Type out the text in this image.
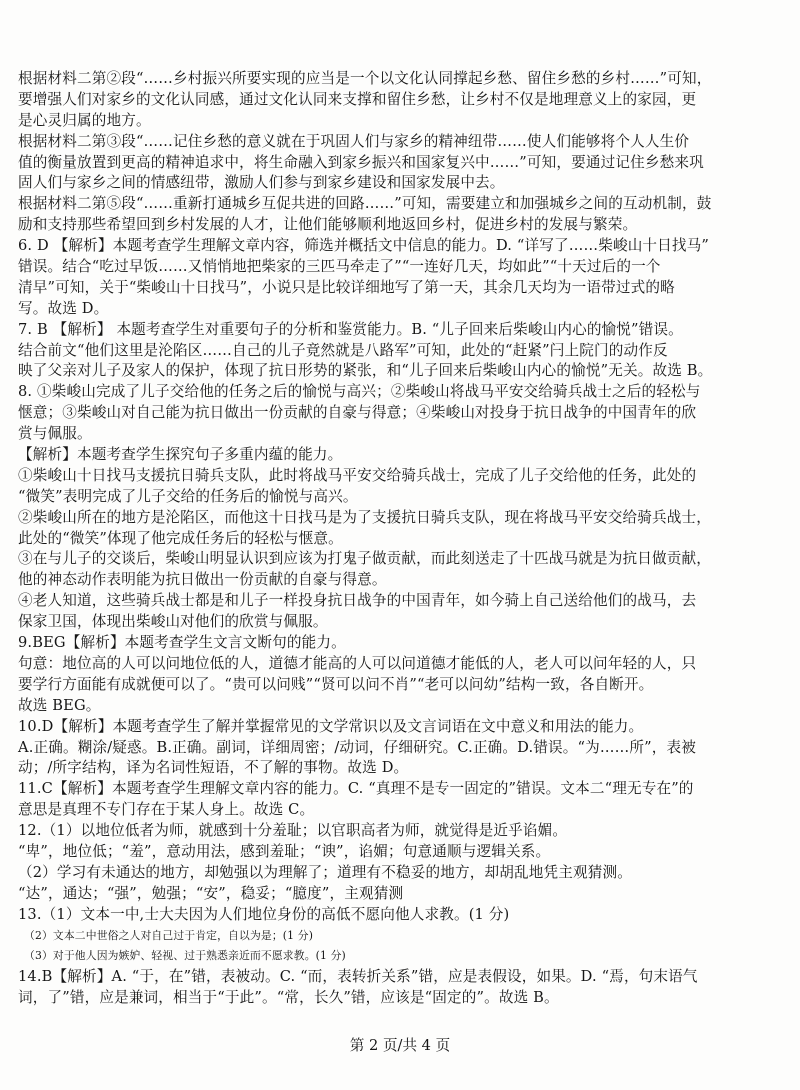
根据材料二第②段“……乡村振兴所要实现的应当是一个以文化认同撑起乡愁、留住乡愁的乡村……”可知，
要增强人们对家乡的文化认同感，通过文化认同来支撑和留住乡愁，让乡村不仅是地理意义上的家园，更
是心灵归属的地方。
根据材料二第③段“……记住乡愁的意义就在于巩固人们与家乡的精神纽带……使人们能够将个人人生价
值的衡量放置到更高的精神追求中，将生命融入到家乡振兴和国家复兴中……”可知，要通过记住乡愁来巩
固人们与家乡之间的情感纽带，激励人们参与到家乡建设和国家发展中去。
根据材料二第⑤段“……重新打通城乡互促共进的回路……”可知，需要建立和加强城乡之间的互动机制，鼓
励和支持那些希望回到乡村发展的人才，让他们能够顺利地返回乡村，促进乡村的发展与繁荣。
6. D 【解析】本题考查学生理解文章内容，筛选并概括文中信息的能力。D. “详写了……柴峻山十日找马”
错误。结合“吃过早饭……又悄悄地把柴家的三匹马牵走了”“一连好几天，均如此”“十天过后的一个
清早”可知，关于“柴峻山十日找马”，小说只是比较详细地写了第一天，其余几天均为一语带过式的略
写。故选 D。
7. B 【解析】 本题考查学生对重要句子的分析和鉴赏能力。B. “儿子回来后柴峻山内心的愉悦”错误。
结合前文“他们这里是沦陷区……自己的儿子竟然就是八路军”可知，此处的“赶紧”闩上院门的动作反
映了父亲对儿子及家人的保护，体现了抗日形势的紧张，和“儿子回来后柴峻山内心的愉悦”无关。故选 B。
8. ①柴峻山完成了儿子交给他的任务之后的愉悦与高兴；②柴峻山将战马平安交给骑兵战士之后的轻松与
惬意；③柴峻山对自己能为抗日做出一份贡献的自豪与得意；④柴峻山对投身于抗日战争的中国青年的欣
赏与佩服。
【解析】本题考查学生探究句子多重内蕴的能力。
①柴峻山十日找马支援抗日骑兵支队，此时将战马平安交给骑兵战士，完成了儿子交给他的任务，此处的
“微笑”表明完成了儿子交给的任务后的愉悦与高兴。
②柴峻山所在的地方是沦陷区，而他这十日找马是为了支援抗日骑兵支队，现在将战马平安交给骑兵战士，
此处的“微笑”体现了他完成任务后的轻松与惬意。
③在与儿子的交谈后，柴峻山明显认识到应该为打鬼子做贡献，而此刻送走了十匹战马就是为抗日做贡献，
他的神态动作表明能为抗日做出一份贡献的自豪与得意。
④老人知道，这些骑兵战士都是和儿子一样投身抗日战争的中国青年，如今骑上自己送给他们的战马，去
保家卫国，体现出柴峻山对他们的欣赏与佩服。
9.BEG【解析】本题考查学生文言文断句的能力。
句意：地位高的人可以问地位低的人，道德才能高的人可以问道德才能低的人，老人可以问年轻的人，只
要学行方面能有成就便可以了。“贵可以问贱”“贤可以问不肖”“老可以问幼”结构一致，各自断开。
故选 BEG。
10.D【解析】本题考查学生了解并掌握常见的文学常识以及文言词语在文中意义和用法的能力。
A.正确。糊涂/疑惑。B.正确。副词，详细周密；/动词，仔细研究。C.正确。D.错误。“为……所”，表被
动；/所字结构，译为名词性短语，不了解的事物。故选 D。
11.C【解析】本题考查学生理解文章内容的能力。C. “真理不是专一固定的”错误。文本二“理无专在”的
意思是真理不专门存在于某人身上。故选 C。
12.（1）以地位低者为师，就感到十分羞耻；以官职高者为师，就觉得是近乎谄媚。
“卑”，地位低；“羞”，意动用法，感到羞耻；“谀”，谄媚；句意通顺与逻辑关系。
（2）学习有未通达的地方，却勉强以为理解了；道理有不稳妥的地方，却胡乱地凭主观猜测。
“达”，通达；“强”，勉强；“安”，稳妥；“臆度”，主观猜测
13.（1）文本一中,士大夫因为人们地位身份的高低不愿向他人求教。(1 分)
（2）文本二中世俗之人对自己过于肯定，自以为是；(1 分)
（3）对于他人因为嫉妒、轻视、过于熟悉亲近而不愿求教。(1 分)
14.B【解析】A. “于，在”错，表被动。C. “而，表转折关系”错，应是表假设，如果。D. “焉，句末语气
词，了”错，应是兼词，相当于“于此”。“常，长久”错，应该是“固定的”。故选 B。
第 2 页/共 4 页
